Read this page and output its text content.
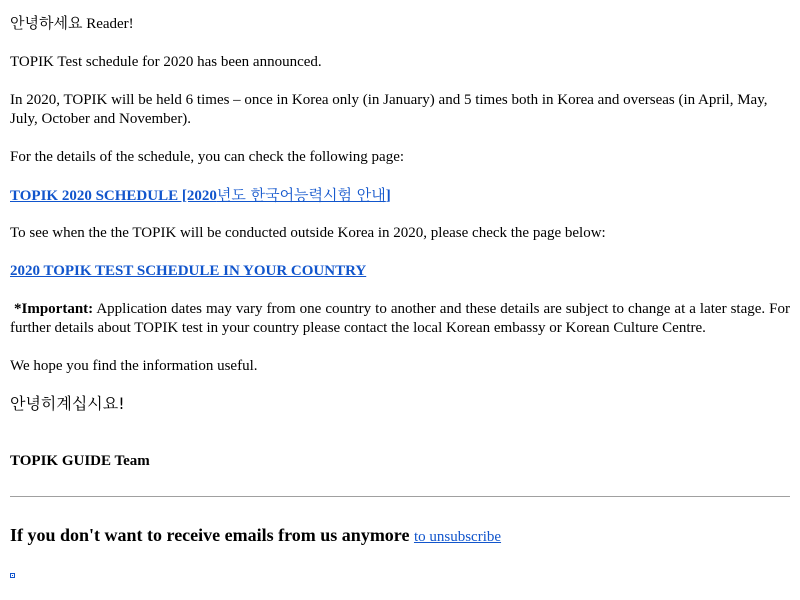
안녕하세요 Reader!

TOPIK Test schedule for 2020 has been announced.

In 2020, TOPIK will be held 6 times – once in Korea only (in January) and 5 times both in Korea and overseas (in April, May, July, October and November).

For the details of the schedule, you can check the following page:

TOPIK 2020 SCHEDULE [2020년도 한국어능력시험 안내]

To see when the the TOPIK will be conducted outside Korea in 2020, please check the page below:

2020 TOPIK TEST SCHEDULE IN YOUR COUNTRY

*Important: Application dates may vary from one country to another and these details are subject to change at a later stage. For further details about TOPIK test in your country please contact the local Korean embassy or Korean Culture Centre.

We hope you find the information useful.

안녕히계십시요!

TOPIK GUIDE Team

If you don't want to receive emails from us anymore to unsubscribe
